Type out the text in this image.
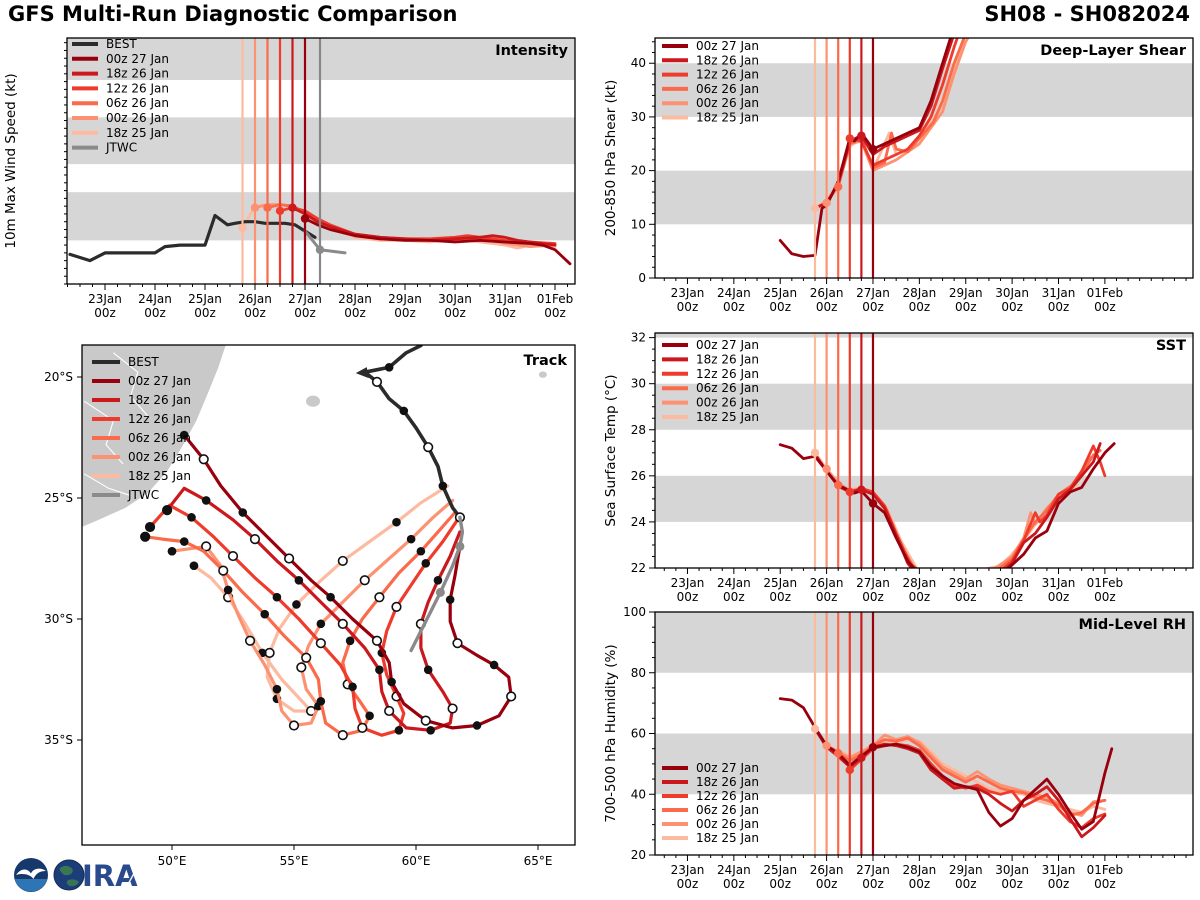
GFS Multi-Run Diagnostic Comparison	SH08 - SH082024
23Jan
00z
24Jan
00z
25Jan
00z
26Jan
00z
27Jan
00z
28Jan
00z
29Jan
00z
30Jan
00z
31Jan
00z
01Feb
00z
10m Max Wind Speed (kt)
BEST
00z 27 Jan
18z 26 Jan
12z 26 Jan
06z 26 Jan
00z 26 Jan
18z 25 Jan
JTWC
Intensity
50°E	55°E	60°E	65°E
20°S
25°S
30°S
35°S
BEST
00z 27 Jan
18z 26 Jan
12z 26 Jan
06z 26 Jan
00z 26 Jan
18z 25 Jan
JTWC
Track
23Jan
00z
24Jan
00z
25Jan
00z
26Jan
00z
27Jan
00z
28Jan
00z
29Jan
00z
30Jan
00z
31Jan
00z
01Feb
00z
0
10
20
30
40
200-850 hPa Shear (kt)
00z 27 Jan
18z 26 Jan
12z 26 Jan
06z 26 Jan
00z 26 Jan
18z 25 Jan
Deep-Layer Shear
23Jan
00z
24Jan
00z
25Jan
00z
26Jan
00z
27Jan
00z
28Jan
00z
29Jan
00z
30Jan
00z
31Jan
00z
01Feb
00z
22
24
26
28
30
32
Sea Surface Temp (°C)
00z 27 Jan
18z 26 Jan
12z 26 Jan
06z 26 Jan
00z 26 Jan
18z 25 Jan
SST
23Jan
00z
24Jan
00z
25Jan
00z
26Jan
00z
27Jan
00z
28Jan
00z
29Jan
00z
30Jan
00z
31Jan
00z
01Feb
00z
20
40
60
80
100
700-500 hPa Humidity (%)	00z 27 Jan
18z 26 Jan
12z 26 Jan
06z 26 Jan
00z 26 Jan
18z 25 Jan
Mid-Level RH
IRA
